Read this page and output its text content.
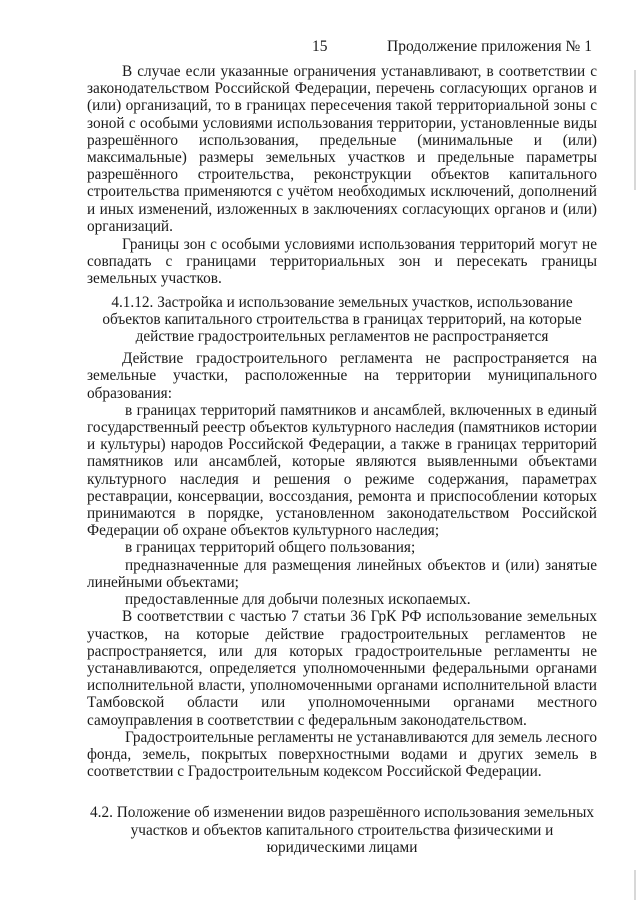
15	Продолжение приложения № 1

В случае если указанные ограничения устанавливают, в соответствии с законодательством Российской Федерации, перечень согласующих органов и (или) организаций, то в границах пересечения такой территориальной зоны с зоной с особыми условиями использования территории, установленные виды разрешённого использования, предельные (минимальные и (или) максимальные) размеры земельных участков и предельные параметры разрешённого строительства, реконструкции объектов капитального строительства применяются с учётом необходимых исключений, дополнений и иных изменений, изложенных в заключениях согласующих органов и (или) организаций.

Границы зон с особыми условиями использования территорий могут не совпадать с границами территориальных зон и пересекать границы земельных участков.

4.1.12. Застройка и использование земельных участков, использование объектов капитального строительства в границах территорий, на которые действие градостроительных регламентов не распространяется

Действие градостроительного регламента не распространяется на земельные участки, расположенные на территории муниципального образования:

в границах территорий памятников и ансамблей, включенных в единый государственный реестр объектов культурного наследия (памятников истории и культуры) народов Российской Федерации, а также в границах территорий памятников или ансамблей, которые являются выявленными объектами культурного наследия и решения о режиме содержания, параметрах реставрации, консервации, воссоздания, ремонта и приспособлении которых принимаются в порядке, установленном законодательством Российской Федерации об охране объектов культурного наследия;

в границах территорий общего пользования;

предназначенные для размещения линейных объектов и (или) занятые линейными объектами;

предоставленные для добычи полезных ископаемых.

В соответствии с частью 7 статьи 36 ГрК РФ использование земельных участков, на которые действие градостроительных регламентов не распространяется, или для которых градостроительные регламенты не устанавливаются, определяется уполномоченными федеральными органами исполнительной власти, уполномоченными органами исполнительной власти Тамбовской области или уполномоченными органами местного самоуправления в соответствии с федеральным законодательством.

Градостроительные регламенты не устанавливаются для земель лесного фонда, земель, покрытых поверхностными водами и других земель в соответствии с Градостроительным кодексом Российской Федерации.

4.2. Положение об изменении видов разрешённого использования земельных участков и объектов капитального строительства физическими и юридическими лицами
